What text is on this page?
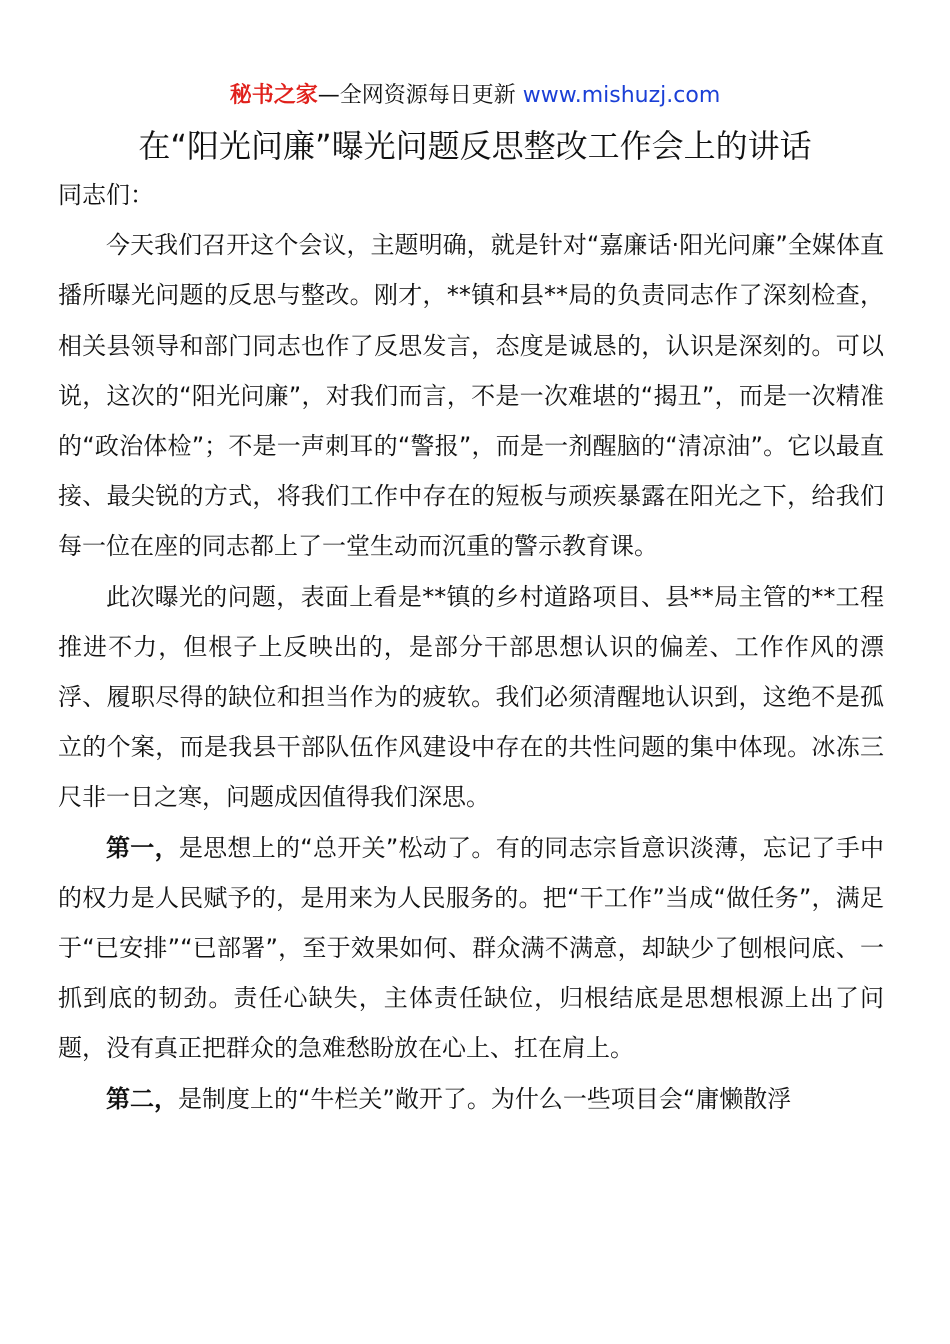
秘书之家—全网资源每日更新 www.mishuzj.com
在“阳光问廉”曝光问题反思整改工作会上的讲话

同志们：

今天我们召开这个会议，主题明确，就是针对“嘉廉话·阳光问廉”全媒体直播所曝光问题的反思与整改。刚才，**镇和县**局的负责同志作了深刻检查，相关县领导和部门同志也作了反思发言，态度是诚恳的，认识是深刻的。可以说，这次的“阳光问廉”，对我们而言，不是一次难堪的“揭丑”，而是一次精准的“政治体检”；不是一声刺耳的“警报”，而是一剂醒脑的“清凉油”。它以最直接、最尖锐的方式，将我们工作中存在的短板与顽疾暴露在阳光之下，给我们每一位在座的同志都上了一堂生动而沉重的警示教育课。

此次曝光的问题，表面上看是**镇的乡村道路项目、县**局主管的**工程推进不力，但根子上反映出的，是部分干部思想认识的偏差、工作作风的漂浮、履职尽得的缺位和担当作为的疲软。我们必须清醒地认识到，这绝不是孤立的个案，而是我县干部队伍作风建设中存在的共性问题的集中体现。冰冻三尺非一日之寒，问题成因值得我们深思。

第一，是思想上的“总开关”松动了。有的同志宗旨意识淡薄，忘记了手中的权力是人民赋予的，是用来为人民服务的。把“干工作”当成“做任务”，满足于“已安排”“已部署”，至于效果如何、群众满不满意，却缺少了刨根问底、一抓到底的韧劲。责任心缺失，主体责任缺位，归根结底是思想根源上出了问题，没有真正把群众的急难愁盼放在心上、扛在肩上。

第二，是制度上的“牛栏关”敞开了。为什么一些项目会“庸懒散浮
